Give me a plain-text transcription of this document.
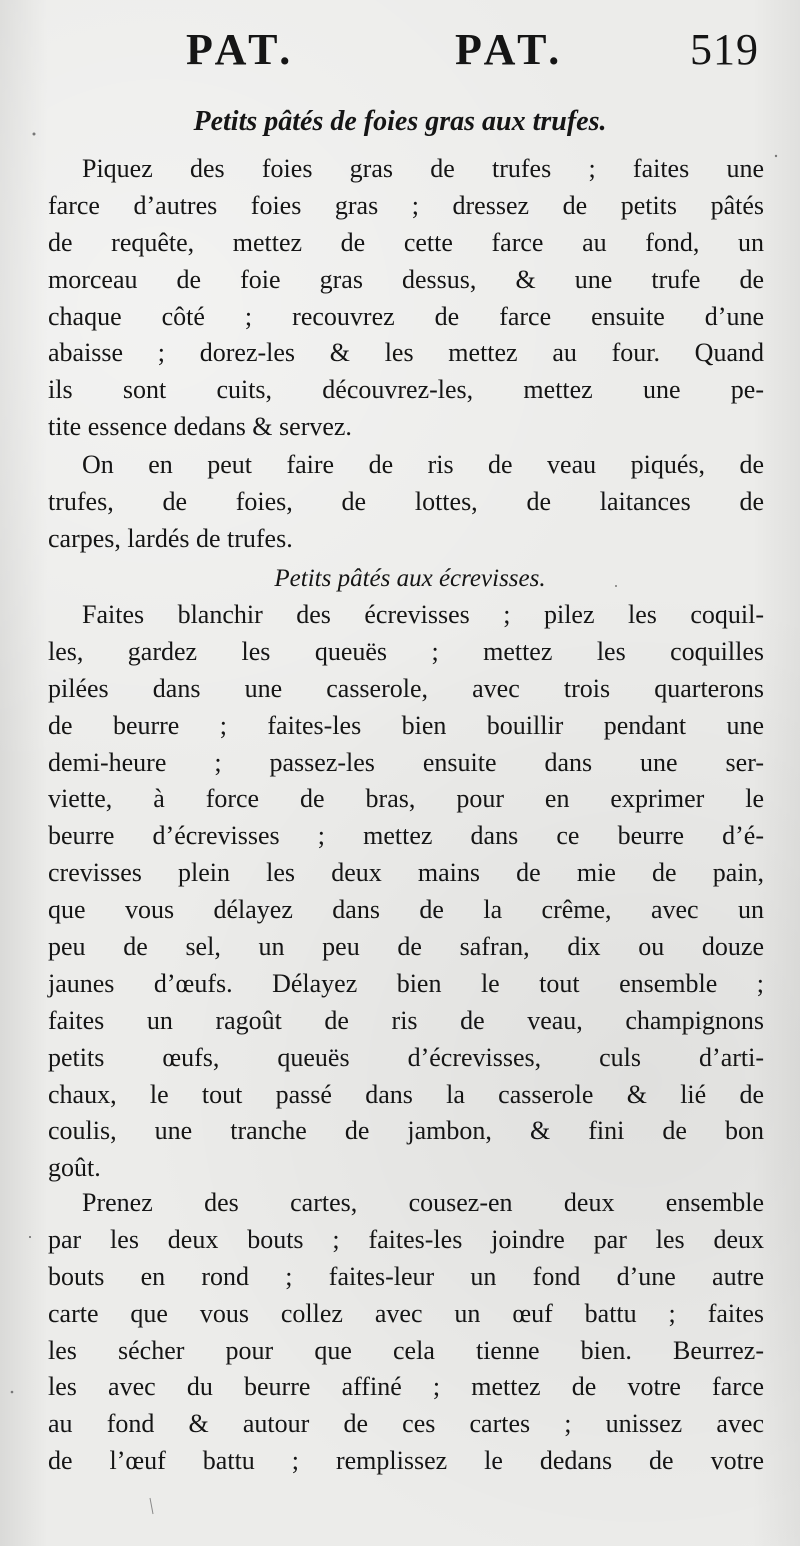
PAT.	PAT.	519
Petits pâtés de foies gras aux trufes.
Piquez des foies gras de trufes ; faites une
farce d’autres foies gras ; dressez de petits pâtés
de requête, mettez de cette farce au fond, un
morceau de foie gras dessus, & une trufe de
chaque côté ; recouvrez de farce ensuite d’une
abaisse ; dorez-les & les mettez au four. Quand
ils sont cuits, découvrez-les, mettez une pe-
tite essence dedans & servez.
On en peut faire de ris de veau piqués, de
trufes, de foies, de lottes, de laitances de
carpes, lardés de trufes.
Petits pâtés aux écrevisses.
Faites blanchir des écrevisses ; pilez les coquil-
les, gardez les queuës ; mettez les coquilles
pilées dans une casserole, avec trois quarterons
de beurre ; faites-les bien bouillir pendant une
demi-heure ; passez-les ensuite dans une ser-
viette, à force de bras, pour en exprimer le
beurre d’écrevisses ; mettez dans ce beurre d’é-
crevisses plein les deux mains de mie de pain,
que vous délayez dans de la crême, avec un
peu de sel, un peu de safran, dix ou douze
jaunes d’œufs. Délayez bien le tout ensemble ;
faites un ragoût de ris de veau, champignons
petits œufs, queuës d’écrevisses, culs d’arti-
chaux, le tout passé dans la casserole & lié de
coulis, une tranche de jambon, & fini de bon
goût.
Prenez des cartes, cousez-en deux ensemble
par les deux bouts ; faites-les joindre par les deux
bouts en rond ; faites-leur un fond d’une autre
carte que vous collez avec un œuf battu ; faites
les sécher pour que cela tienne bien. Beurrez-
les avec du beurre affiné ; mettez de votre farce
au fond & autour de ces cartes ; unissez avec
de l’œuf battu ; remplissez le dedans de votre
